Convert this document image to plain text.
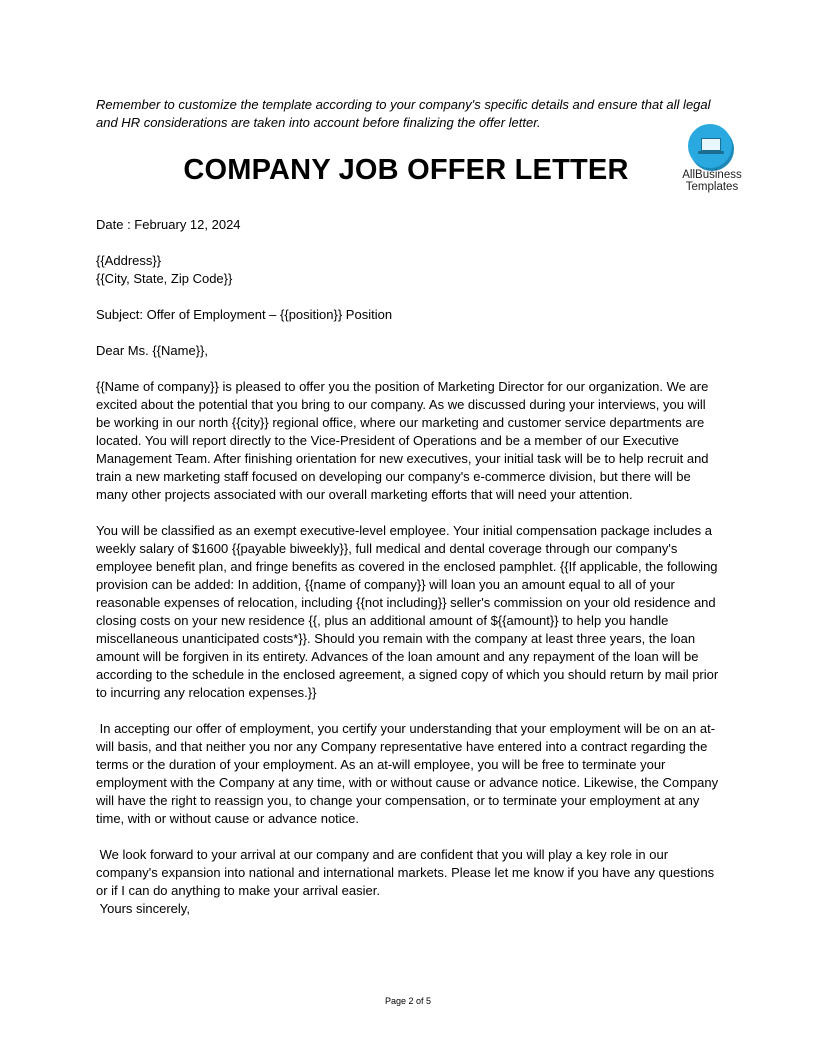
Remember to customize the template according to your company's specific details and ensure that all legal and HR considerations are taken into account before finalizing the offer letter.
AllBusiness
Templates
COMPANY JOB OFFER LETTER

Date : February 12, 2024

{{Address}}

{{City, State, Zip Code}}

Subject: Offer of Employment – {{position}} Position

Dear Ms. {{Name}},

{{Name of company}} is pleased to offer you the position of Marketing Director for our organization. We are excited about the potential that you bring to our company. As we discussed during your interviews, you will be working in our north {{city}} regional office, where our marketing and customer service departments are located. You will report directly to the Vice-President of Operations and be a member of our Executive Management Team. After finishing orientation for new executives, your initial task will be to help recruit and train a new marketing staff focused on developing our company's e-commerce division, but there will be many other projects associated with our overall marketing efforts that will need your attention.

You will be classified as an exempt executive-level employee. Your initial compensation package includes a weekly salary of $1600 {{payable biweekly}}, full medical and dental coverage through our company's employee benefit plan, and fringe benefits as covered in the enclosed pamphlet. {{If applicable, the following provision can be added: In addition, {{name of company}} will loan you an amount equal to all of your reasonable expenses of relocation, including {{not including}} seller's commission on your old residence and closing costs on your new residence {{, plus an additional amount of ${{amount}} to help you handle miscellaneous unanticipated costs*}}. Should you remain with the company at least three years, the loan amount will be forgiven in its entirety. Advances of the loan amount and any repayment of the loan will be according to the schedule in the enclosed agreement, a signed copy of which you should return by mail prior to incurring any relocation expenses.}}

In accepting our offer of employment, you certify your understanding that your employment will be on an at-will basis, and that neither you nor any Company representative have entered into a contract regarding the terms or the duration of your employment. As an at-will employee, you will be free to terminate your employment with the Company at any time, with or without cause or advance notice. Likewise, the Company will have the right to reassign you, to change your compensation, or to terminate your employment at any time, with or without cause or advance notice.

We look forward to your arrival at our company and are confident that you will play a key role in our company's expansion into national and international markets. Please let me know if you have any questions or if I can do anything to make your arrival easier.

Yours sincerely,

Page 2 of 5
